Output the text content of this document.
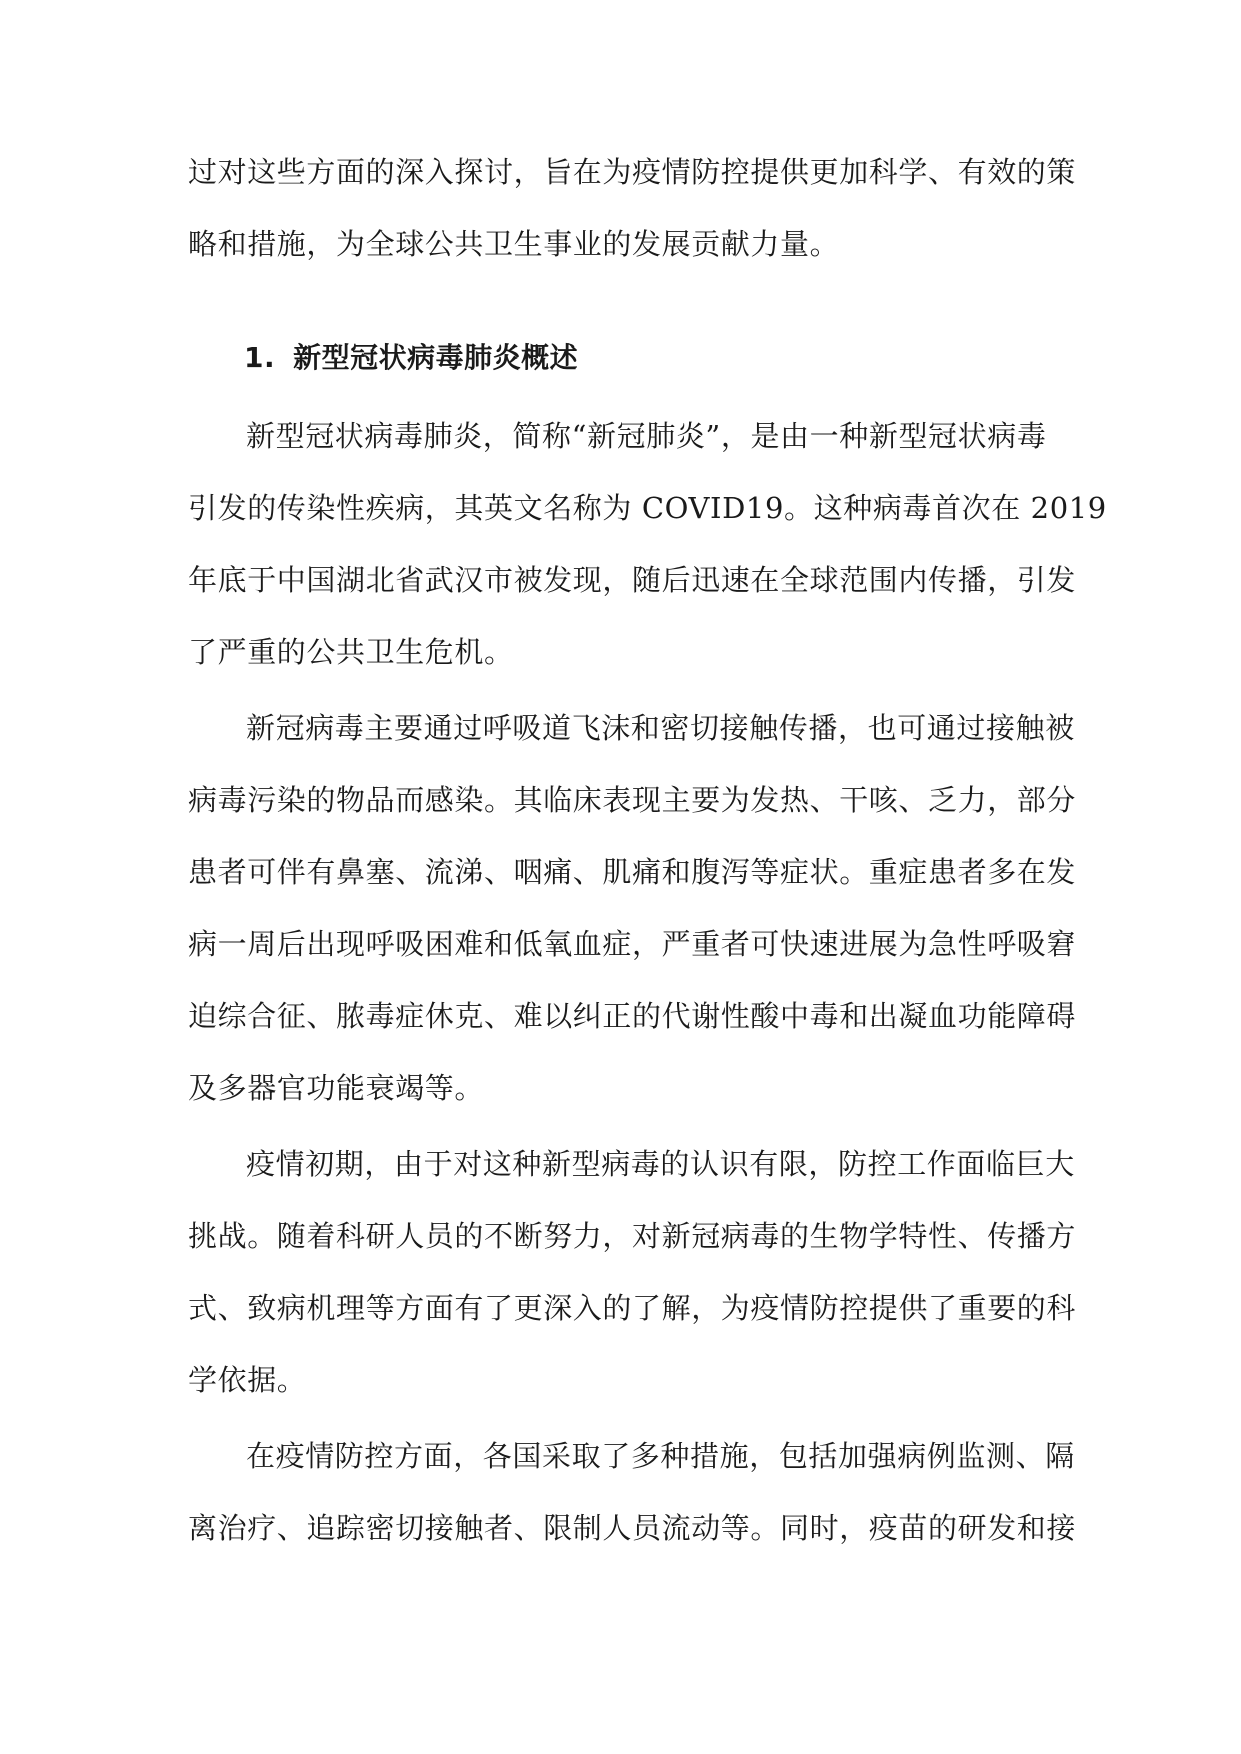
过对这些方面的深入探讨，旨在为疫情防控提供更加科学、有效的策
略和措施，为全球公共卫生事业的发展贡献力量。

1. 新型冠状病毒肺炎概述

新型冠状病毒肺炎，简称“新冠肺炎”，是由一种新型冠状病毒
引发的传染性疾病，其英文名称为 COVID19。这种病毒首次在 2019
年底于中国湖北省武汉市被发现，随后迅速在全球范围内传播，引发
了严重的公共卫生危机。

新冠病毒主要通过呼吸道飞沫和密切接触传播，也可通过接触被
病毒污染的物品而感染。其临床表现主要为发热、干咳、乏力，部分
患者可伴有鼻塞、流涕、咽痛、肌痛和腹泻等症状。重症患者多在发
病一周后出现呼吸困难和低氧血症，严重者可快速进展为急性呼吸窘
迫综合征、脓毒症休克、难以纠正的代谢性酸中毒和出凝血功能障碍
及多器官功能衰竭等。

疫情初期，由于对这种新型病毒的认识有限，防控工作面临巨大
挑战。随着科研人员的不断努力，对新冠病毒的生物学特性、传播方
式、致病机理等方面有了更深入的了解，为疫情防控提供了重要的科
学依据。

在疫情防控方面，各国采取了多种措施，包括加强病例监测、隔
离治疗、追踪密切接触者、限制人员流动等。同时，疫苗的研发和接
